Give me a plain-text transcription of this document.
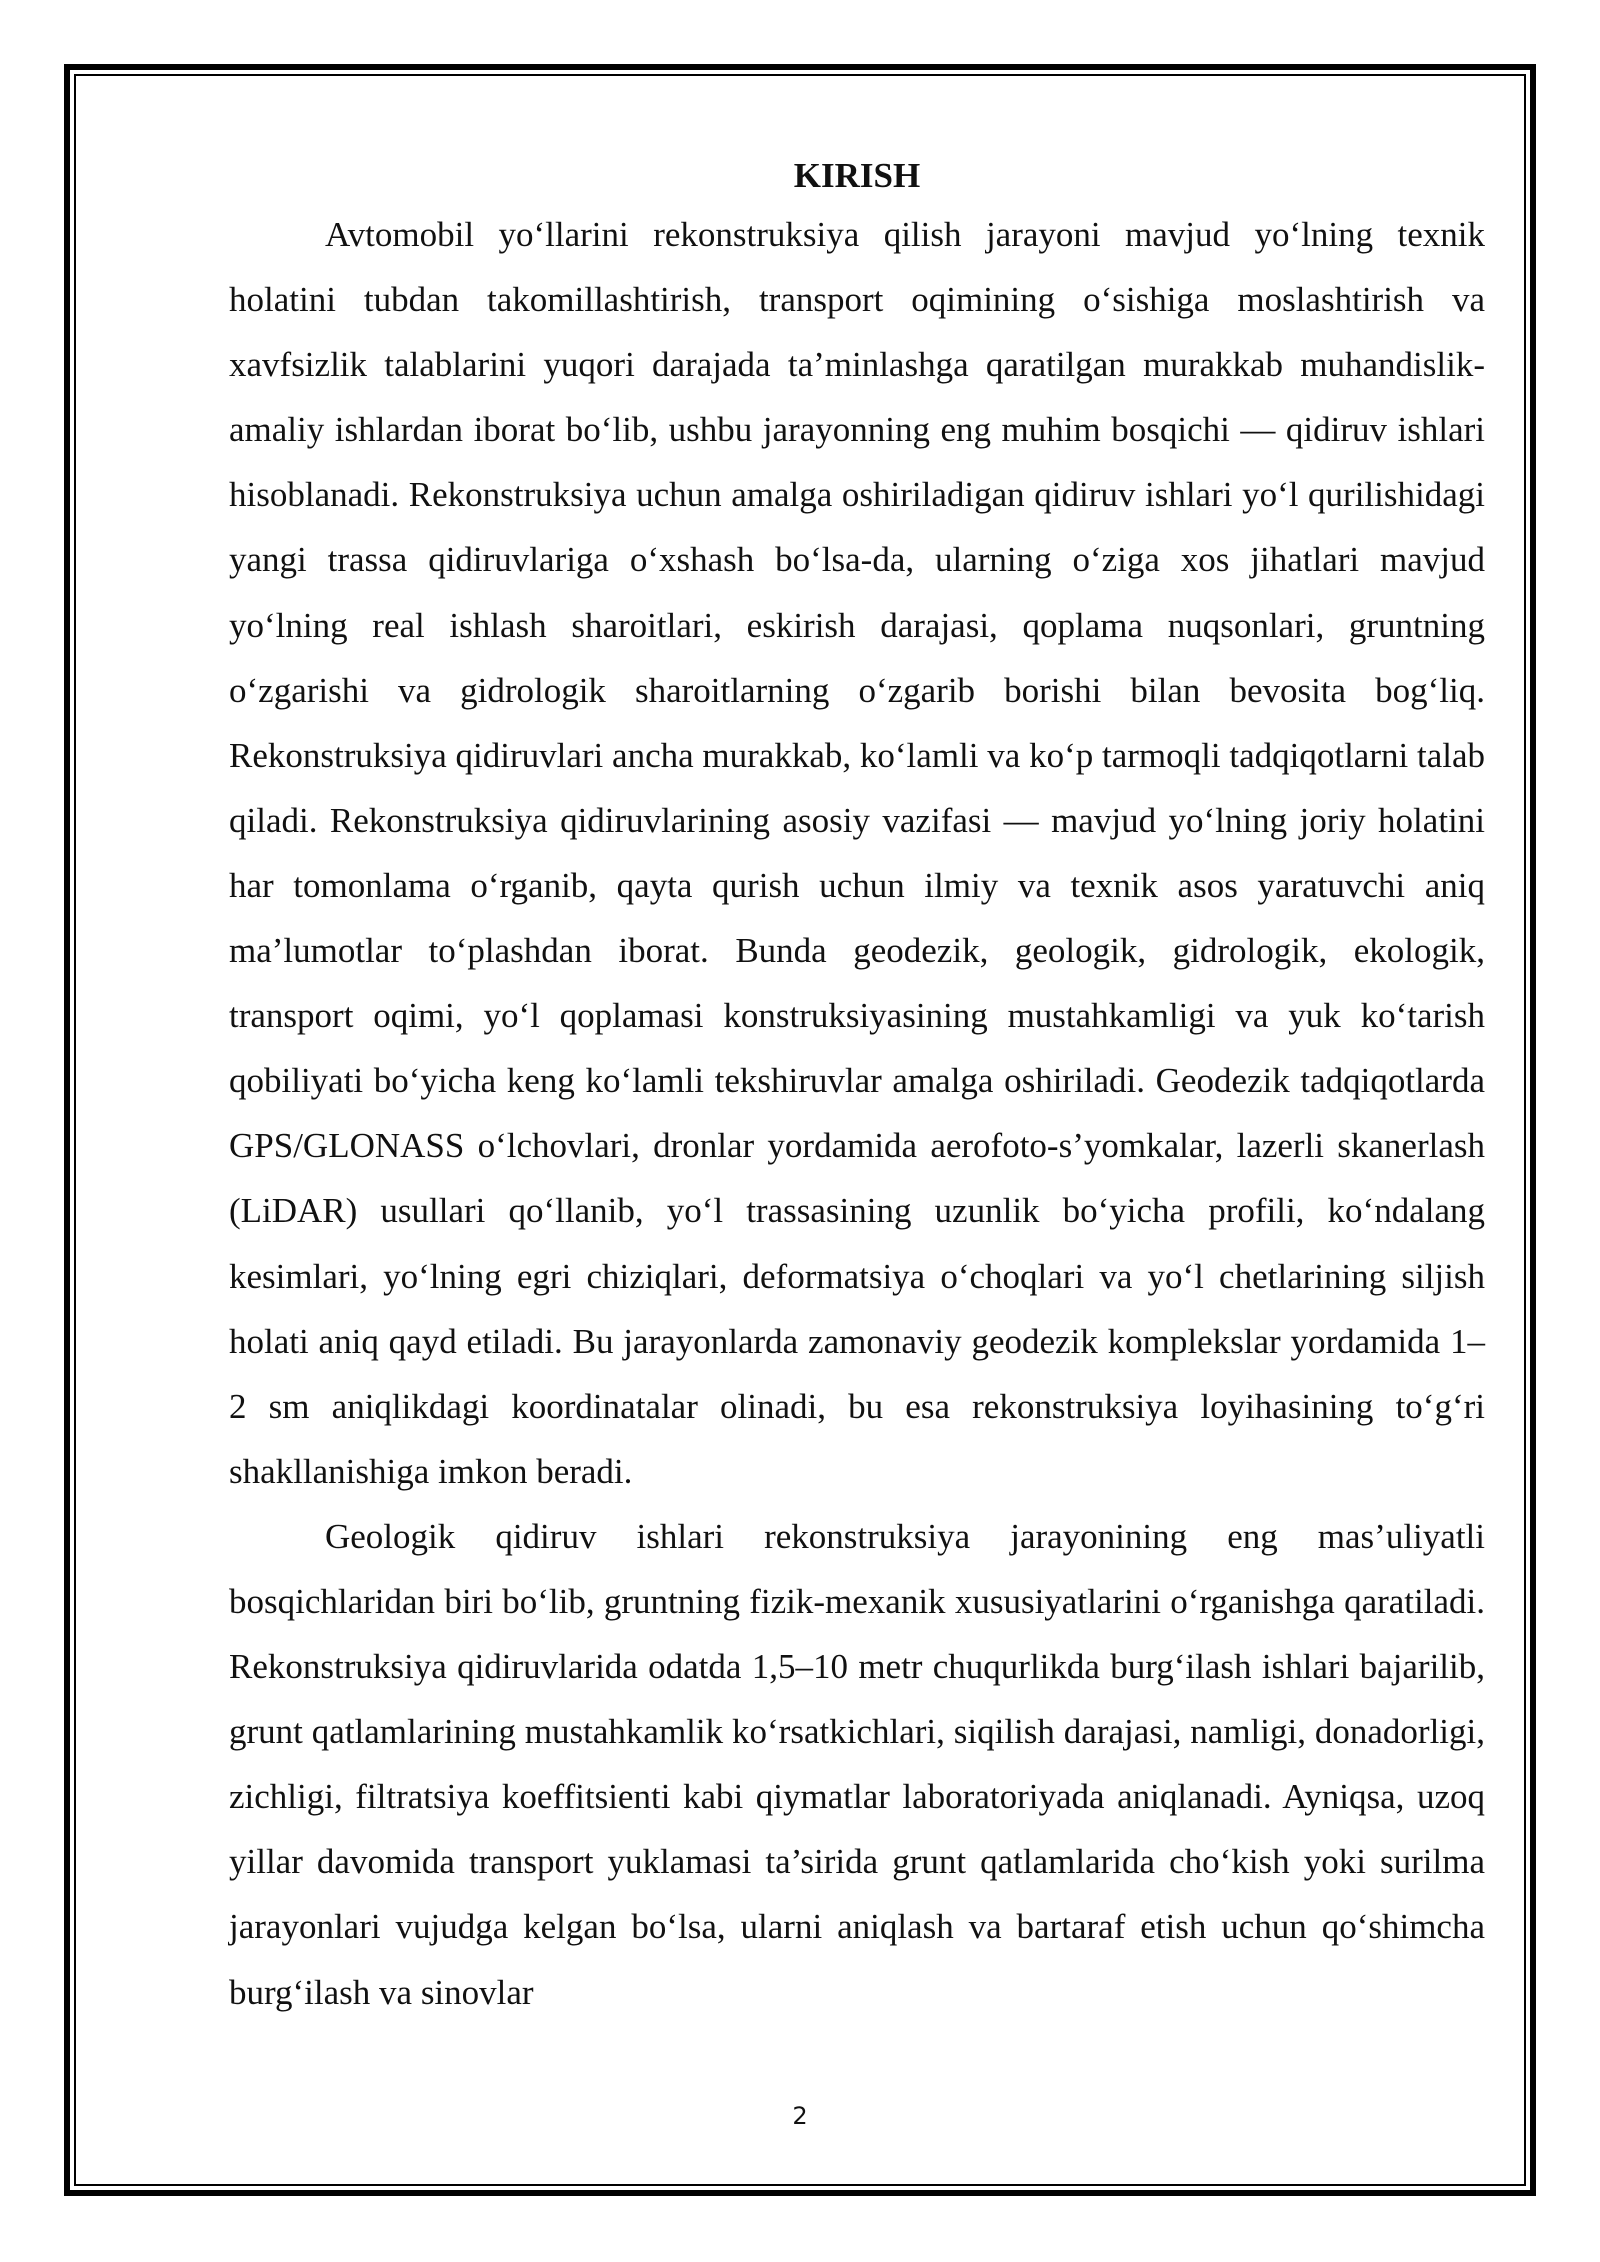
KIRISH

Avtomobil yo‘llarini rekonstruksiya qilish jarayoni mavjud yo‘lning texnik holatini tubdan takomillashtirish, transport oqimining o‘sishiga moslashtirish va xavfsizlik talablarini yuqori darajada ta’minlashga qaratilgan murakkab muhandislik-amaliy ishlardan iborat bo‘lib, ushbu jarayonning eng muhim bosqichi — qidiruv ishlari hisoblanadi. Rekonstruksiya uchun amalga oshiriladigan qidiruv ishlari yo‘l qurilishidagi yangi trassa qidiruvlariga o‘xshash bo‘lsa-da, ularning o‘ziga xos jihatlari mavjud yo‘lning real ishlash sharoitlari, eskirish darajasi, qoplama nuqsonlari, gruntning o‘zgarishi va gidrologik sharoitlarning o‘zgarib borishi bilan bevosita bog‘liq. Rekonstruksiya qidiruvlari ancha murakkab, ko‘lamli va ko‘p tarmoqli tadqiqotlarni talab qiladi. Rekonstruksiya qidiruvlarining asosiy vazifasi — mavjud yo‘lning joriy holatini har tomonlama o‘rganib, qayta qurish uchun ilmiy va texnik asos yaratuvchi aniq ma’lumotlar to‘plashdan iborat. Bunda geodezik, geologik, gidrologik, ekologik, transport oqimi, yo‘l qoplamasi konstruksiyasining mustahkamligi va yuk ko‘tarish qobiliyati bo‘yicha keng ko‘lamli tekshiruvlar amalga oshiriladi. Geodezik tadqiqotlarda GPS/GLONASS o‘lchovlari, dronlar yordamida aerofoto-s’yomkalar, lazerli skanerlash (LiDAR) usullari qo‘llanib, yo‘l trassasining uzunlik bo‘yicha profili, ko‘ndalang kesimlari, yo‘lning egri chiziqlari, deformatsiya o‘choqlari va yo‘l chetlarining siljish holati aniq qayd etiladi. Bu jarayonlarda zamonaviy geodezik komplekslar yordamida 1–2 sm aniqlikdagi koordinatalar olinadi, bu esa rekonstruksiya loyihasining to‘g‘ri shakllanishiga imkon beradi.

Geologik qidiruv ishlari rekonstruksiya jarayonining eng mas’uliyatli bosqichlaridan biri bo‘lib, gruntning fizik-mexanik xususiyatlarini o‘rganishga qaratiladi. Rekonstruksiya qidiruvlarida odatda 1,5–10 metr chuqurlikda burg‘ilash ishlari bajarilib, grunt qatlamlarining mustahkamlik ko‘rsatkichlari, siqilish darajasi, namligi, donadorligi, zichligi, filtratsiya koeffitsienti kabi qiymatlar laboratoriyada aniqlanadi. Ayniqsa, uzoq yillar davomida transport yuklamasi ta’sirida grunt qatlamlarida cho‘kish yoki surilma jarayonlari vujudga kelgan bo‘lsa, ularni aniqlash va bartaraf etish uchun qo‘shimcha burg‘ilash va sinovlar

2
